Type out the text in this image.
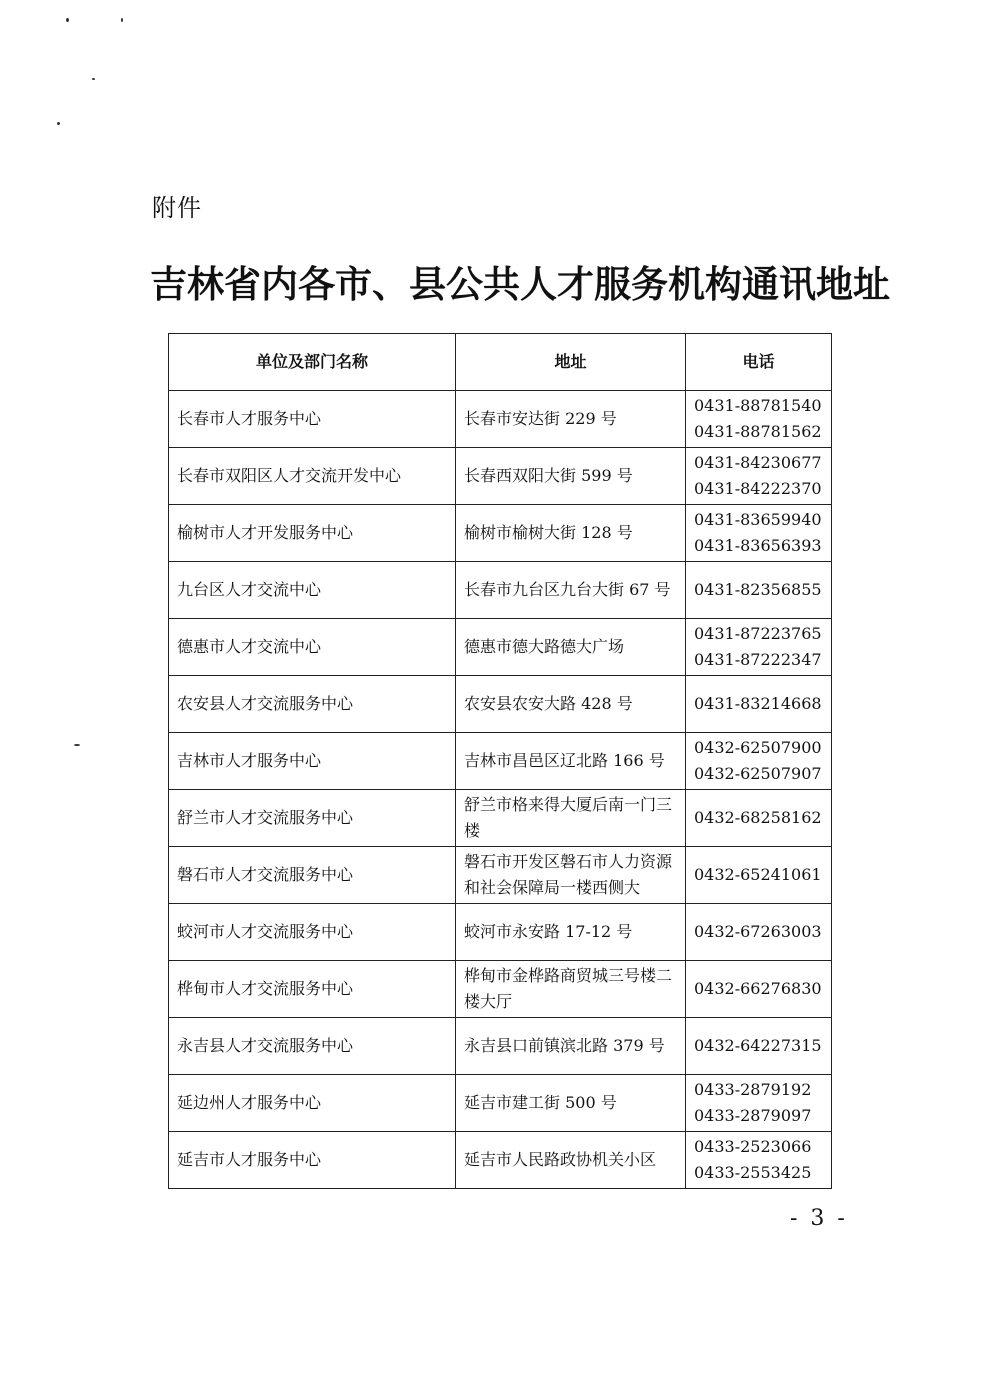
附件
吉林省内各市、县公共人才服务机构通讯地址
单位及部门名称	地址	电话
长春市人才服务中心	长春市安达街 229 号	0431-88781540
0431-88781562

长春市双阳区人才交流开发中心	长春西双阳大街 599 号	0431-84230677
0431-84222370

榆树市人才开发服务中心	榆树市榆树大街 128 号	0431-83659940
0431-83656393

九台区人才交流中心	长春市九台区九台大街 67 号	0431-82356855

德惠市人才交流中心	德惠市德大路德大广场	0431-87223765
0431-87222347

农安县人才交流服务中心	农安县农安大路 428 号	0431-83214668

吉林市人才服务中心	吉林市昌邑区辽北路 166 号	0432-62507900
0432-62507907

舒兰市人才交流服务中心	舒兰市格来得大厦后南一门三楼	0432-68258162

磐石市人才交流服务中心	磐石市开发区磐石市人力资源和社会保障局一楼西侧大	0432-65241061

蛟河市人才交流服务中心	蛟河市永安路 17-12 号	0432-67263003

桦甸市人才交流服务中心	桦甸市金桦路商贸城三号楼二楼大厅	0432-66276830

永吉县人才交流服务中心	永吉县口前镇滨北路 379 号	0432-64227315

延边州人才服务中心	延吉市建工街 500 号	0433-2879192
0433-2879097

延吉市人才服务中心	延吉市人民路政协机关小区	0433-2523066
0433-2553425
- 3 -
